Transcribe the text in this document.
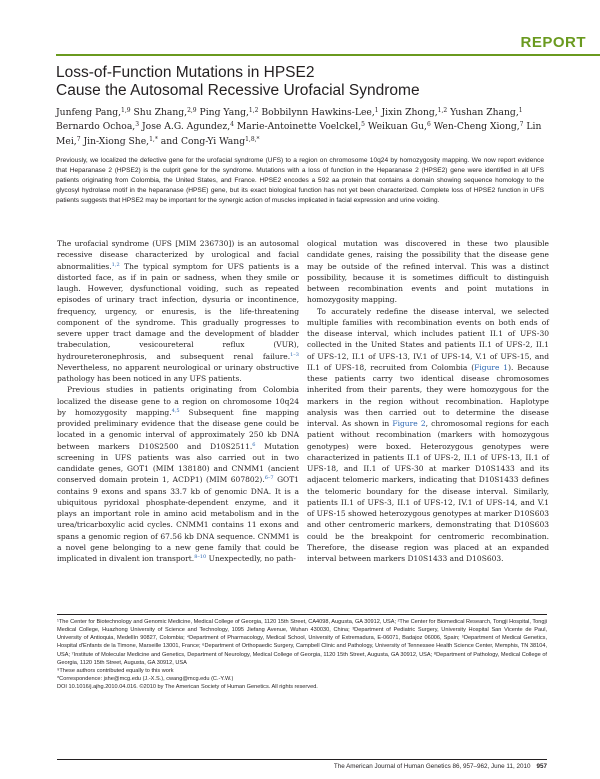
REPORT
Loss-of-Function Mutations in HPSE2
Cause the Autosomal Recessive Urofacial Syndrome
Junfeng Pang,$^{1,9}$ Shu Zhang,$^{2,9}$ Ping Yang,$^{1,2}$ Bobbilynn Hawkins-Lee,$^1$ Jixin Zhong,$^{1,2}$ Yushan Zhang,$^1$ Bernardo Ochoa,$^3$ Jose A.G. Agundez,$^4$ Marie-Antoinette Voelckel,$^5$ Weikuan Gu,$^6$ Wen-Cheng Xiong,$^7$ Lin Mei,$^7$ Jin-Xiong She,$^{1,*}$ and Cong-Yi Wang$^{1,8,*}$
Previously, we localized the defective gene for the urofacial syndrome (UFS) to a region on chromosome 10q24 by homozygosity mapping. We now report evidence that Heparanase 2 (HPSE2) is the culprit gene for the syndrome. Mutations with a loss of function in the Heparanase 2 (HPSE2) gene were identified in all UFS patients originating from Colombia, the United States, and France. HPSE2 encodes a 592 aa protein that contains a domain showing sequence homology to the glycosyl hydrolase motif in the heparanase (HPSE) gene, but its exact biological function has not yet been characterized. Complete loss of HPSE2 function in UFS patients suggests that HPSE2 may be important for the synergic action of muscles implicated in facial expression and urine voiding.

The urofacial syndrome (UFS [MIM 236730]) is an autosomal recessive disease characterized by urological and facial abnormalities.$^{1,2}$ The typical symptom for UFS patients is a distorted face, as if in pain or sadness, when they smile or laugh. However, dysfunctional voiding, such as repeated episodes of urinary tract infection, dysuria or incontinence, frequency, urgency, or enuresis, is the life-threatening component of the syndrome. This gradually progresses to severe upper tract damage and the development of bladder trabeculation, vesicoureteral reflux (VUR), hydroureteronephrosis, and subsequent renal failure.$^{1-3}$ Nevertheless, no apparent neurological or urinary obstructive pathology has been noticed in any UFS patients.

Previous studies in patients originating from Colombia localized the disease gene to a region on chromosome 10q24 by homozygosity mapping.$^{4,5}$ Subsequent fine mapping provided preliminary evidence that the disease gene could be located in a genomic interval of approximately 250 kb DNA between markers D10S2500 and D10S2511.$^6$ Mutation screening in UFS patients was also carried out in two candidate genes, GOT1 (MIM 138180) and CNMM1 (ancient conserved domain protein 1, ACDP1) (MIM 607802).$^{6-7}$ GOT1 contains 9 exons and spans 33.7 kb of genomic DNA. It is a ubiquitous pyridoxal phosphate-dependent enzyme, and it plays an important role in amino acid metabolism and in the urea/tricarboxylic acid cycles. CNMM1 contains 11 exons and spans a genomic region of 67.56 kb DNA sequence. CNMM1 is a novel gene belonging to a new gene family that could be implicated in divalent ion transport.$^{8-10}$ Unexpectedly, no path-

ological mutation was discovered in these two plausible candidate genes, raising the possibility that the disease gene may be outside of the refined interval. This was a distinct possibility, because it is sometimes difficult to distinguish between recombination events and point mutations in homozygosity mapping.

To accurately redefine the disease interval, we selected multiple families with recombination events on both ends of the disease interval, which includes patient II.1 of UFS-30 collected in the United States and patients II.1 of UFS-2, II.1 of UFS-12, II.1 of UFS-13, IV.1 of UFS-14, V.1 of UFS-15, and II.1 of UFS-18, recruited from Colombia (Figure 1). Because these patients carry two identical disease chromosomes inherited from their parents, they were homozygous for the markers in the region without recombination. Haplotype analysis was then carried out to determine the disease interval. As shown in Figure 2, chromosomal regions for each patient without recombination (markers with homozygous genotypes) were boxed. Heterozygous genotypes were characterized in patients II.1 of UFS-2, II.1 of UFS-13, II.1 of UFS-18, and II.1 of UFS-30 at marker D10S1433 and its adjacent telomeric markers, indicating that D10S1433 defines the telomeric boundary for the disease interval. Similarly, patients II.1 of UFS-3, II.1 of UFS-12, IV.1 of UFS-14, and V.1 of UFS-15 showed heterozygous genotypes at marker D10S603 and other centromeric markers, demonstrating that D10S603 could be the breakpoint for centromeric recombination. Therefore, the disease region was placed at an expanded interval between markers D10S1433 and D10S603.

¹The Center for Biotechnology and Genomic Medicine, Medical College of Georgia, 1120 15th Street, CA4098, Augusta, GA 30912, USA; ²The Center for Biomedical Research, Tongji Hospital, Tongji Medical College, Huazhong University of Science and Technology, 1095 Jiefang Avenue, Wuhan 430030, China; ³Department of Pediatric Surgery, University Hospital San Vicente de Paul, University of Antioquia, Medellín 90827, Colombia; ⁴Department of Pharmacology, Medical School, University of Extremadura, E-06071, Badajoz 06006, Spain; ⁵Department of Medical Genetics, Hospital d'Enfants de la Timone, Marseille 13001, France; ⁶Department of Orthopaedic Surgery, Campbell Clinic and Pathology, University of Tennessee Health Science Center, Memphis, TN 38104, USA; ⁷Institute of Molecular Medicine and Genetics, Department of Neurology, Medical College of Georgia, 1120 15th Street, Augusta, GA 30912, USA; ⁸Department of Pathology, Medical College of Georgia, 1120 15th Street, Augusta, GA 30912, USA
⁹These authors contributed equally to this work
*Correspondence: jshe@mcg.edu (J.-X.S.), cwang@mcg.edu (C.-Y.W.)
DOI 10.1016/j.ajhg.2010.04.016. ©2010 by The American Society of Human Genetics. All rights reserved.
The American Journal of Human Genetics 86, 957–962, June 11, 2010 957
